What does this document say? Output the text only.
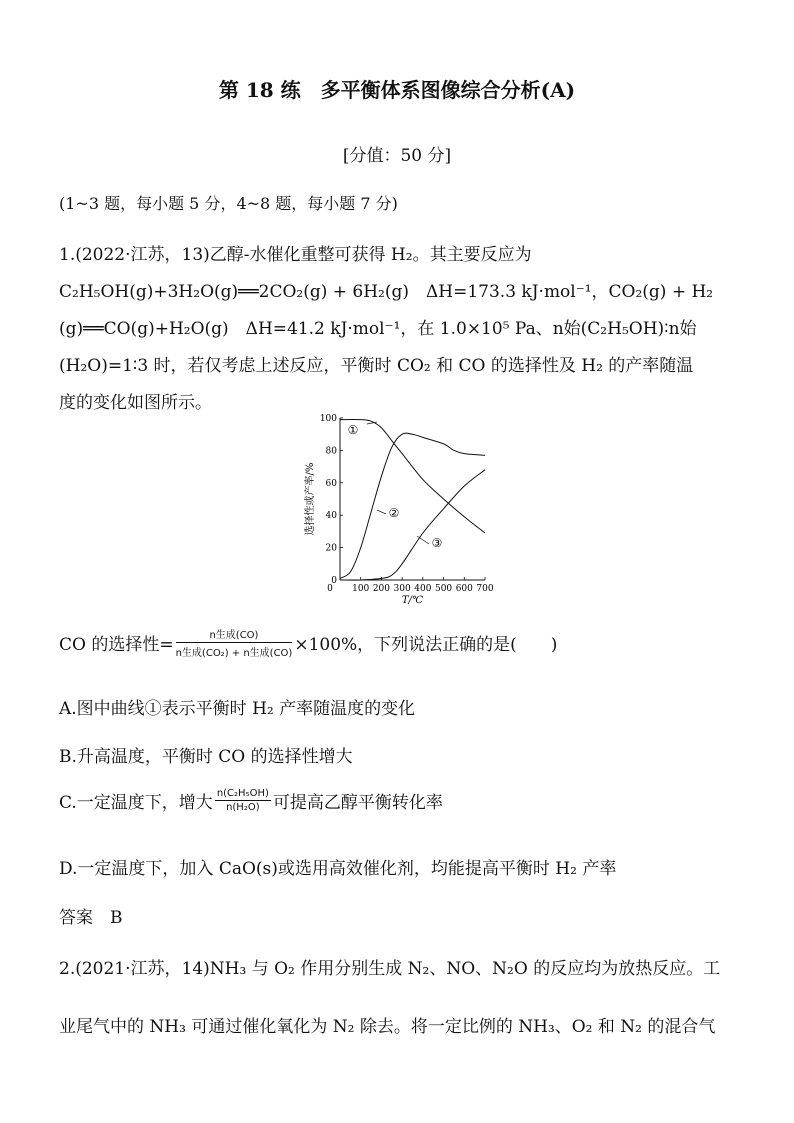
第 18 练　多平衡体系图像综合分析(A)
[分值：50 分]
(1~3 题，每小题 5 分，4~8 题，每小题 7 分)
1.(2022·江苏，13)乙醇-水催化重整可获得 H₂。其主要反应为
C₂H₅OH(g)+3H₂O(g)══2CO₂(g) + 6H₂(g)　ΔH=173.3 kJ·mol⁻¹，CO₂(g) + H₂
(g)══CO(g)+H₂O(g)　ΔH=41.2 kJ·mol⁻¹，在 1.0×10⁵ Pa、n始(C₂H₅OH)∶n始
(H₂O)=1∶3 时，若仅考虑上述反应，平衡时 CO₂ 和 CO 的选择性及 H₂ 的产率随温
度的变化如图所示。
0 100 200 300 400 500 600 700
0
20
40
60
80
100
T/℃
选择性或产率/%
①
②
③
CO 的选择性= $\frac{\text{n生成(CO)}}{\text{n生成(CO₂) + n生成(CO)}} \times 100\%$，下列说法正确的是(　　)
A.图中曲线①表示平衡时 H₂ 产率随温度的变化
B.升高温度，平衡时 CO 的选择性增大
C.一定温度下，增大 $\frac{\text{n(C₂H₅OH)}}{\text{n(H₂O)}}$ 可提高乙醇平衡转化率
D.一定温度下，加入 CaO(s)或选用高效催化剂，均能提高平衡时 H₂ 产率
答案　B
2.(2021·江苏，14)NH₃ 与 O₂ 作用分别生成 N₂、NO、N₂O 的反应均为放热反应。工
业尾气中的 NH₃ 可通过催化氧化为 N₂ 除去。将一定比例的 NH₃、O₂ 和 N₂ 的混合气
